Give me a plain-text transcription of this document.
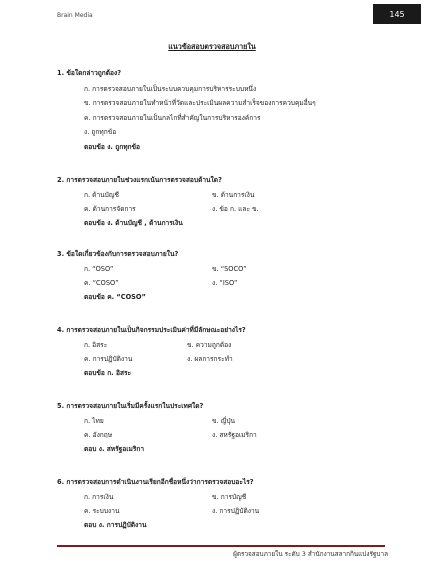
Brain Media	145
แนวข้อสอบตรวจสอบภายใน
1. ข้อใดกล่าวถูกต้อง?
ก. การตรวจสอบภายในเป็นระบบควบคุมการบริหารระบบหนึ่ง
ข. การตรวจสอบภายในทำหน้าที่วัดและประเมินผลความสำเร็จของการควบคุมอื่นๆ
ค. การตรวจสอบภายในเป็นกลไกที่สำคัญในการบริหารองค์การ
ง. ถูกทุกข้อ
ตอบข้อ ง. ถูกทุกข้อ
2. การตรวจสอบภายในช่วงแรกเน้นการตรวจสอบด้านใด?
ก. ด้านบัญชี	ข. ด้านการเงิน
ค. ด้านการจัดการ	ง. ข้อ ก. และ ข.
ตอบข้อ ง. ด้านบัญชี , ด้านการเงิน
3. ข้อใดเกี่ยวข้องกับการตรวจสอบภายใน?
ก. “OSO”	ข. “SOCO”
ค. “COSO”	ง. “ISO”
ตอบข้อ ค. “COSO”
4. การตรวจสอบภายในเป็นกิจกรรมประเมินค่าที่มีลักษณะอย่างไร?
ก. อิสระ	ข. ความถูกต้อง
ค. การปฏิบัติงาน	ง. ผลการกระทำ
ตอบข้อ ก. อิสระ
5. การตรวจสอบภายในเริ่มมีครั้งแรกในประเทศใด?
ก. ไทย	ข. ญี่ปุ่น
ค. อังกฤษ	ง. สหรัฐอเมริกา
ตอบ ง. สหรัฐอเมริกา
6. การตรวจสอบการดำเนินงานเรียกอีกชื่อหนึ่งว่าการตรวจสอบอะไร?
ก. การเงิน	ข. การบัญชี
ค. ระบบงาน	ง. การปฏิบัติงาน
ตอบ ง. การปฏิบัติงาน
ผู้ตรวจสอบภายใน ระดับ 3 สำนักงานสลากกินแบ่งรัฐบาล
